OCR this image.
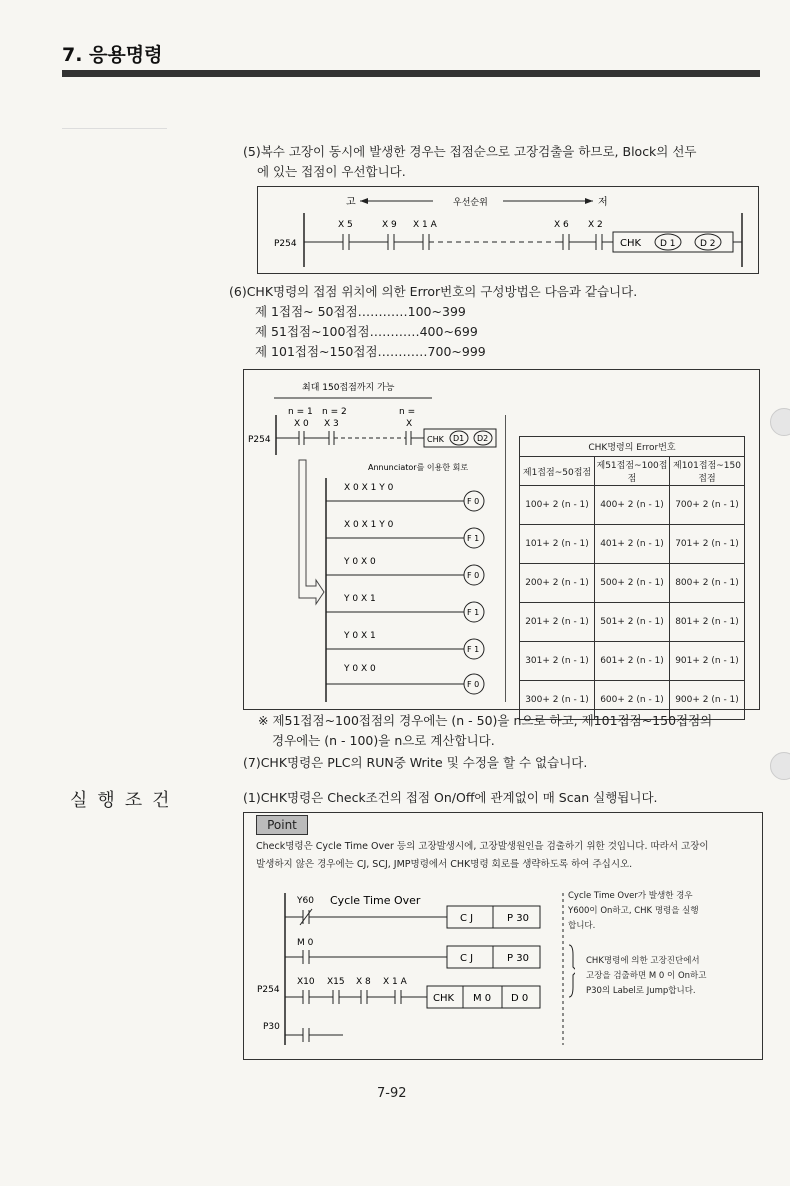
7. 응용명령
(5)복수 고장이 동시에 발생한 경우는 접점순으로 고장검출을 하므로, Block의 선두
에 있는 접점이 우선합니다.
고	우선순위	저
P254
X 5	X 9 X 1 A	X 6 X 2
CHK D 1	D 2
(6)CHK명령의 접점 위치에 의한 Error번호의 구성방법은 다음과 같습니다.
제 1접점~ 50접점…………100~399
제 51접점~100접점…………400~699
제 101접점~150접점…………700~999
최대 150접점까지 가능
n = 1 n = 2	n =
X 0 X 3	X
P254	CHK D1 D2
Annunciator를 이용한 회로
X 0 X 1 Y 0
F 0
X 0 X 1 Y 0
F 1
Y 0 X 0
F 0
Y 0 X 1
F 1
Y 0 X 1
F 1
Y 0 X 0
F 0
CHK명령의 Error번호		
제1접점~50접점	제51접점~100접점	제101접점~150접점
100+ 2 (n - 1)	400+ 2 (n - 1)	700+ 2 (n - 1)
101+ 2 (n - 1)	401+ 2 (n - 1)	701+ 2 (n - 1)
200+ 2 (n - 1)	500+ 2 (n - 1)	800+ 2 (n - 1)
201+ 2 (n - 1)	501+ 2 (n - 1)	801+ 2 (n - 1)
301+ 2 (n - 1)	601+ 2 (n - 1)	901+ 2 (n - 1)
300+ 2 (n - 1)	600+ 2 (n - 1)	900+ 2 (n - 1)
※ 제51접점~100접점의 경우에는 (n - 50)을 n으로 하고, 제101접점~150접점의
경우에는 (n - 100)을 n으로 계산합니다.
(7)CHK명령은 PLC의 RUN중 Write 및 수정을 할 수 없습니다.
실행조건	(1)CHK명령은 Check조건의 접점 On/Off에 관계없이 매 Scan 실행됩니다.
Point
Check명령은 Cycle Time Over 등의 고장발생시에, 고장발생원인을 검출하기 위한 것입니다. 따라서 고장이
발생하지 않은 경우에는 CJ, SCJ, JMP명령에서 CHK명령 회로를 생략하도록 하여 주십시오.
Y60 Cycle Time Over
C J	P 30
M 0
C J	P 30
P254
X10 X15 X 8 X 1 A
CHK M 0 D 0
P30
Cycle Time Over가 발생한 경우
Y600이 On하고, CHK 명령을 실행
합니다.
CHK명령에 의한 고장진단에서
고장을 검출하면 M 0 이 On하고
P30의 Label로 Jump합니다.
7-92
